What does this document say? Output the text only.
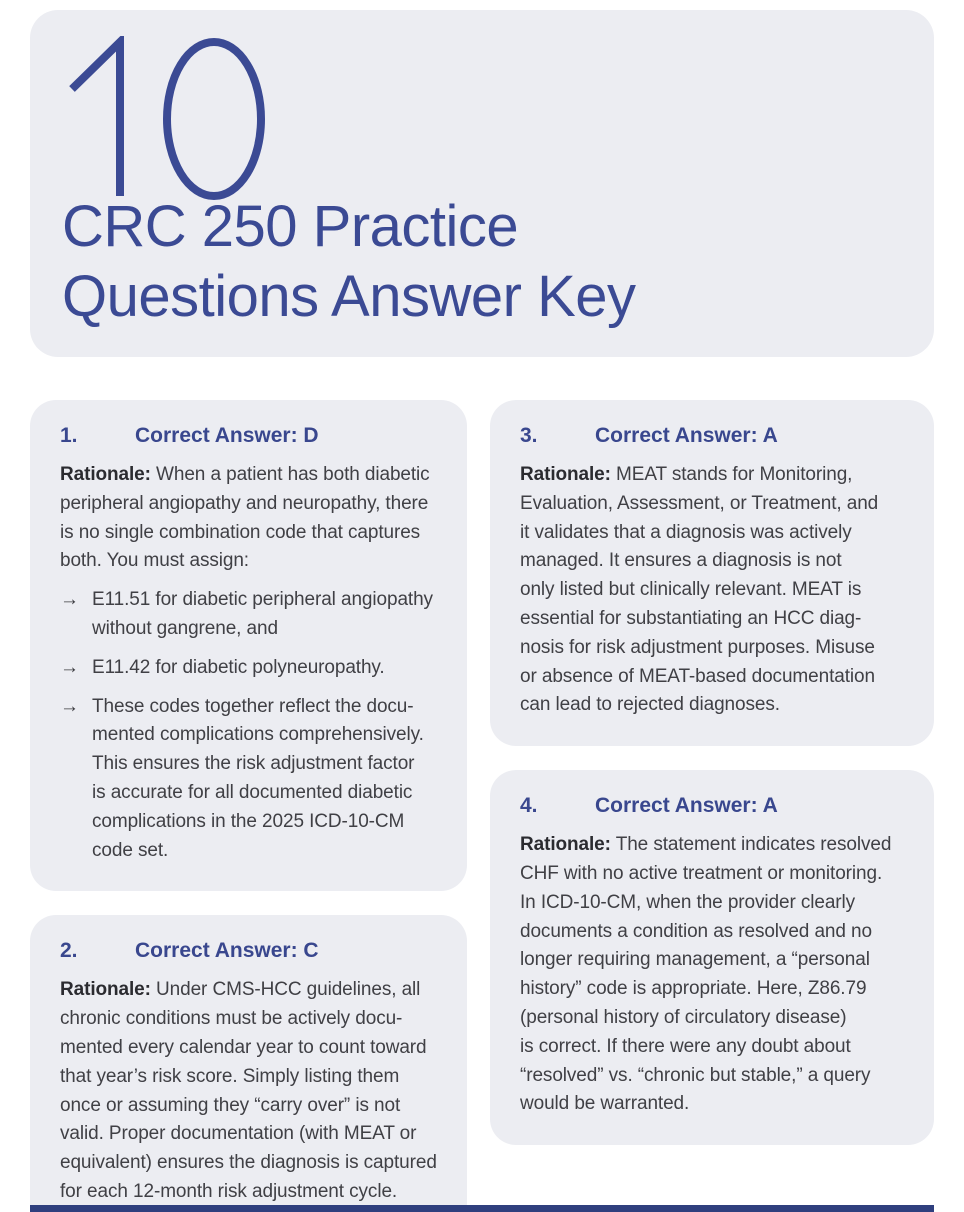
CRC 250 Practice
Questions Answer Key
1.	Correct Answer: D
Rationale: When a patient has both diabetic
peripheral angiopathy and neuropathy, there
is no single combination code that captures
both. You must assign:
→ E11.51 for diabetic peripheral angiopathy
without gangrene, and
→ E11.42 for diabetic polyneuropathy.
→ These codes together reflect the docu-
mented complications comprehensively.
This ensures the risk adjustment factor
is accurate for all documented diabetic
complications in the 2025 ICD-10-CM
code set.
2.	Correct Answer: C
Rationale: Under CMS-HCC guidelines, all
chronic conditions must be actively docu-
mented every calendar year to count toward
that year’s risk score. Simply listing them
once or assuming they “carry over” is not
valid. Proper documentation (with MEAT or
equivalent) ensures the diagnosis is captured
for each 12-month risk adjustment cycle.
3.	Correct Answer: A
Rationale: MEAT stands for Monitoring,
Evaluation, Assessment, or Treatment, and
it validates that a diagnosis was actively
managed. It ensures a diagnosis is not
only listed but clinically relevant. MEAT is
essential for substantiating an HCC diag-
nosis for risk adjustment purposes. Misuse
or absence of MEAT-based documentation
can lead to rejected diagnoses.
4.	Correct Answer: A
Rationale: The statement indicates resolved
CHF with no active treatment or monitoring.
In ICD-10-CM, when the provider clearly
documents a condition as resolved and no
longer requiring management, a “personal
history” code is appropriate. Here, Z86.79
(personal history of circulatory disease)
is correct. If there were any doubt about
“resolved” vs. “chronic but stable,” a query
would be warranted.
